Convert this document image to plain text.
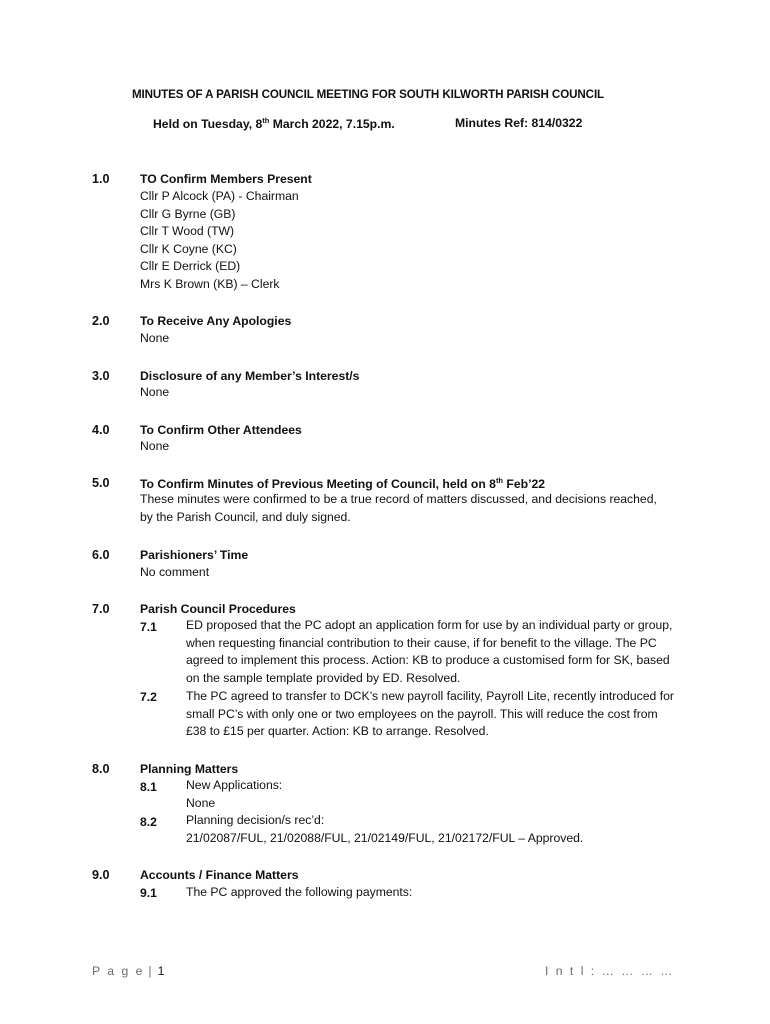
MINUTES OF A PARISH COUNCIL MEETING FOR SOUTH KILWORTH PARISH COUNCIL
Held on Tuesday, 8th March 2022, 7.15p.m.	Minutes Ref: 814/0322
1.0 TO Confirm Members Present
Cllr P Alcock (PA) - Chairman
Cllr G Byrne (GB)
Cllr T Wood (TW)
Cllr K Coyne (KC)
Cllr E Derrick (ED)
Mrs K Brown (KB) – Clerk
2.0 To Receive Any Apologies
None
3.0 Disclosure of any Member’s Interest/s
None
4.0 To Confirm Other Attendees
None
5.0 To Confirm Minutes of Previous Meeting of Council, held on 8th Feb’22
These minutes were confirmed to be a true record of matters discussed, and decisions reached, by the Parish Council, and duly signed.
6.0 Parishioners’ Time
No comment
7.0 Parish Council Procedures
7.1 ED proposed that the PC adopt an application form for use by an individual party or group, when requesting financial contribution to their cause, if for benefit to the village. The PC agreed to implement this process. Action: KB to produce a customised form for SK, based on the sample template provided by ED. Resolved.
7.2 The PC agreed to transfer to DCK’s new payroll facility, Payroll Lite, recently introduced for small PC’s with only one or two employees on the payroll. This will reduce the cost from £38 to £15 per quarter. Action: KB to arrange. Resolved.
8.0 Planning Matters
8.1 New Applications:
None
8.2 Planning decision/s rec’d:
21/02087/FUL, 21/02088/FUL, 21/02149/FUL, 21/02172/FUL – Approved.
9.0 Accounts / Finance Matters
9.1 The PC approved the following payments:
P a g e | 1	I n t l : … … … …
